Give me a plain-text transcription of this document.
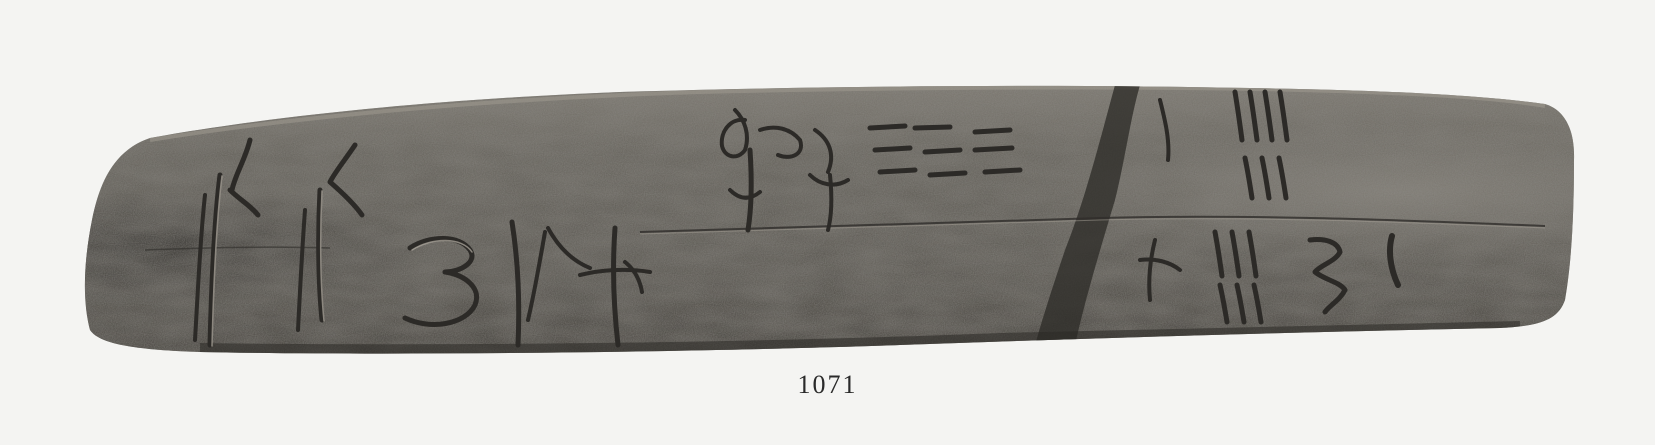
1071
